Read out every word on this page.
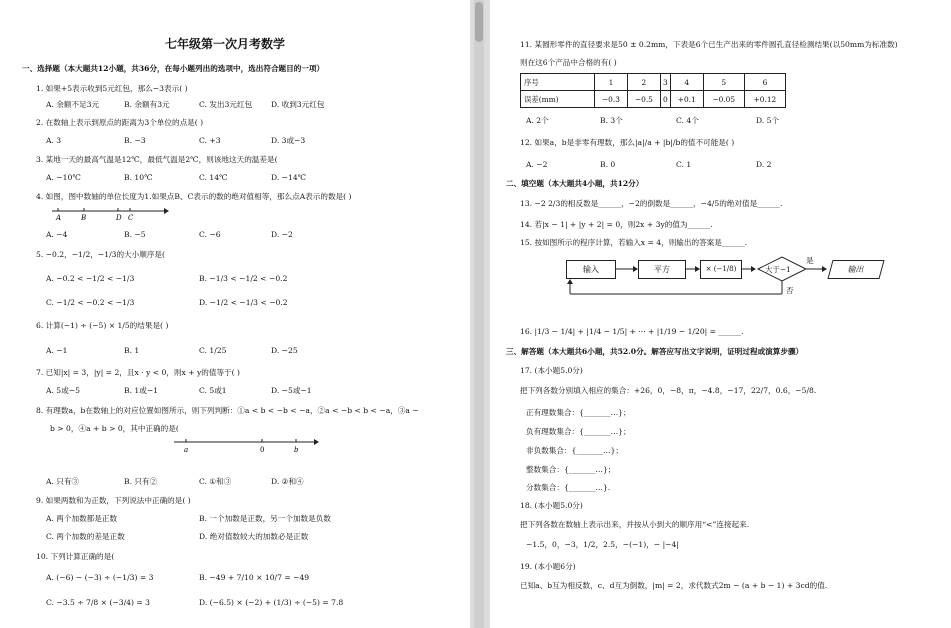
七年级第一次月考数学
一、选择题（本大题共12小题，共36分，在每小题列出的选项中，选出符合题目的一项）
1. 如果+5表示收到5元红包，那么−3表示( )
A. 余额不足3元	B. 余额有3元	C. 发出3元红包 D. 收到3元红包
2. 在数轴上表示到原点的距离为3个单位的点是( )
A. 3	B. −3	C. +3	D. 3或−3
3. 某地一天的最高气温是12℃，最低气温是2℃，则该地这天的温差是(
A. −10℃	B. 10℃	C. 14℃	D. −14℃
4. 如图，图中数轴的单位长度为1.如果点B、C表示的数的绝对值相等，那么点A表示的数是( )
A	B	D C
A. −4	B. −5	C. −6	D. −2
5. −0.2，−1/2，−1/3的大小顺序是(
A. −0.2 < −1/2 < −1/3	B. −1/3 < −1/2 < −0.2
C. −1/2 < −0.2 < −1/3	D. −1/2 < −1/3 < −0.2
6. 计算(−1) ÷ (−5) × 1/5的结果是( )
A. −1	B. 1	C. 1/25	D. −25
7. 已知|x| = 3，|y| = 2，且x · y < 0，则x + y的值等于( )
A. 5或−5	B. 1或−1	C. 5或1	D. −5或−1
8. 有理数a，b在数轴上的对应位置如图所示，则下列判断：①a < b < −b < −a，②a < −b < b < −a，③a −
b > 0，④a + b > 0，其中正确的是(
a	0	b
A. 只有③	B. 只有②	C. ①和③	D. ②和④
9. 如果两数和为正数，下列说法中正确的是( )
A. 两个加数都是正数	B. 一个加数是正数，另一个加数是负数
C. 两个加数的差是正数	D. 绝对值数较大的加数必是正数
10. 下列计算正确的是(
A. (−6) − (−3) ÷ (−1/3) = 3	B. −49 + 7/10 × 10/7 = −49
C. −3.5 ÷ 7/8 × (−3/4) = 3	D. (−6.5) × (−2) + (1/3) ÷ (−5) = 7.8
11. 某圆形零件的直径要求是50 ± 0.2mm，下表是6个已生产出来的零件圆孔直径检测结果(以50mm为标准数)
则在这6个产品中合格的有( )
序号	1	2	3	4	5	6
误差(mm)	−0.3	−0.5	0	+0.1	−0.05	+0.12
A. 2个	B. 3个	C. 4个	D. 5个
12. 如果a，b是非零有理数，那么|a|/a + |b|/b的值不可能是( )
A. −2	B. 0	C. 1	D. 2
二、填空题（本大题共4小题，共12分）
13. −2 2/3的相反数是______，−2的倒数是______，−4/5的绝对值是______.
14. 若|x − 1| + |y + 2| = 0，则2x + 3y的值为______.
15. 按如图所示的程序计算，若输入x = 4，则输出的答案是______.
输入	平方	× (−1/8)	大于−1	输出
是
否
16. |1/3 − 1/4| + |1/4 − 1/5| + ··· + |1/19 − 1/20| = ______.
三、解答题（本大题共6小题，共52.0分。解答应写出文字说明，证明过程或演算步骤）
17. (本小题5.0分)
把下列各数分别填入相应的集合：+26，0，−8，π，−4.8，−17，22/7，0.6，−5/8.
正有理数集合：{_______…}；
负有理数集合：{_______…}；
非负数集合：{_______…}；
整数集合：{_______…}；
分数集合：{_______…}.
18. (本小题5.0分)
把下列各数在数轴上表示出来，并按从小到大的顺序用“<”连接起来.
−1.5，0，−3，1/2，2.5，−(−1)，− |−4|
19. (本小题6分)
已知a、b互为相反数，c、d互为倒数，|m| = 2，求代数式2m − (a + b − 1) + 3cd的值.
